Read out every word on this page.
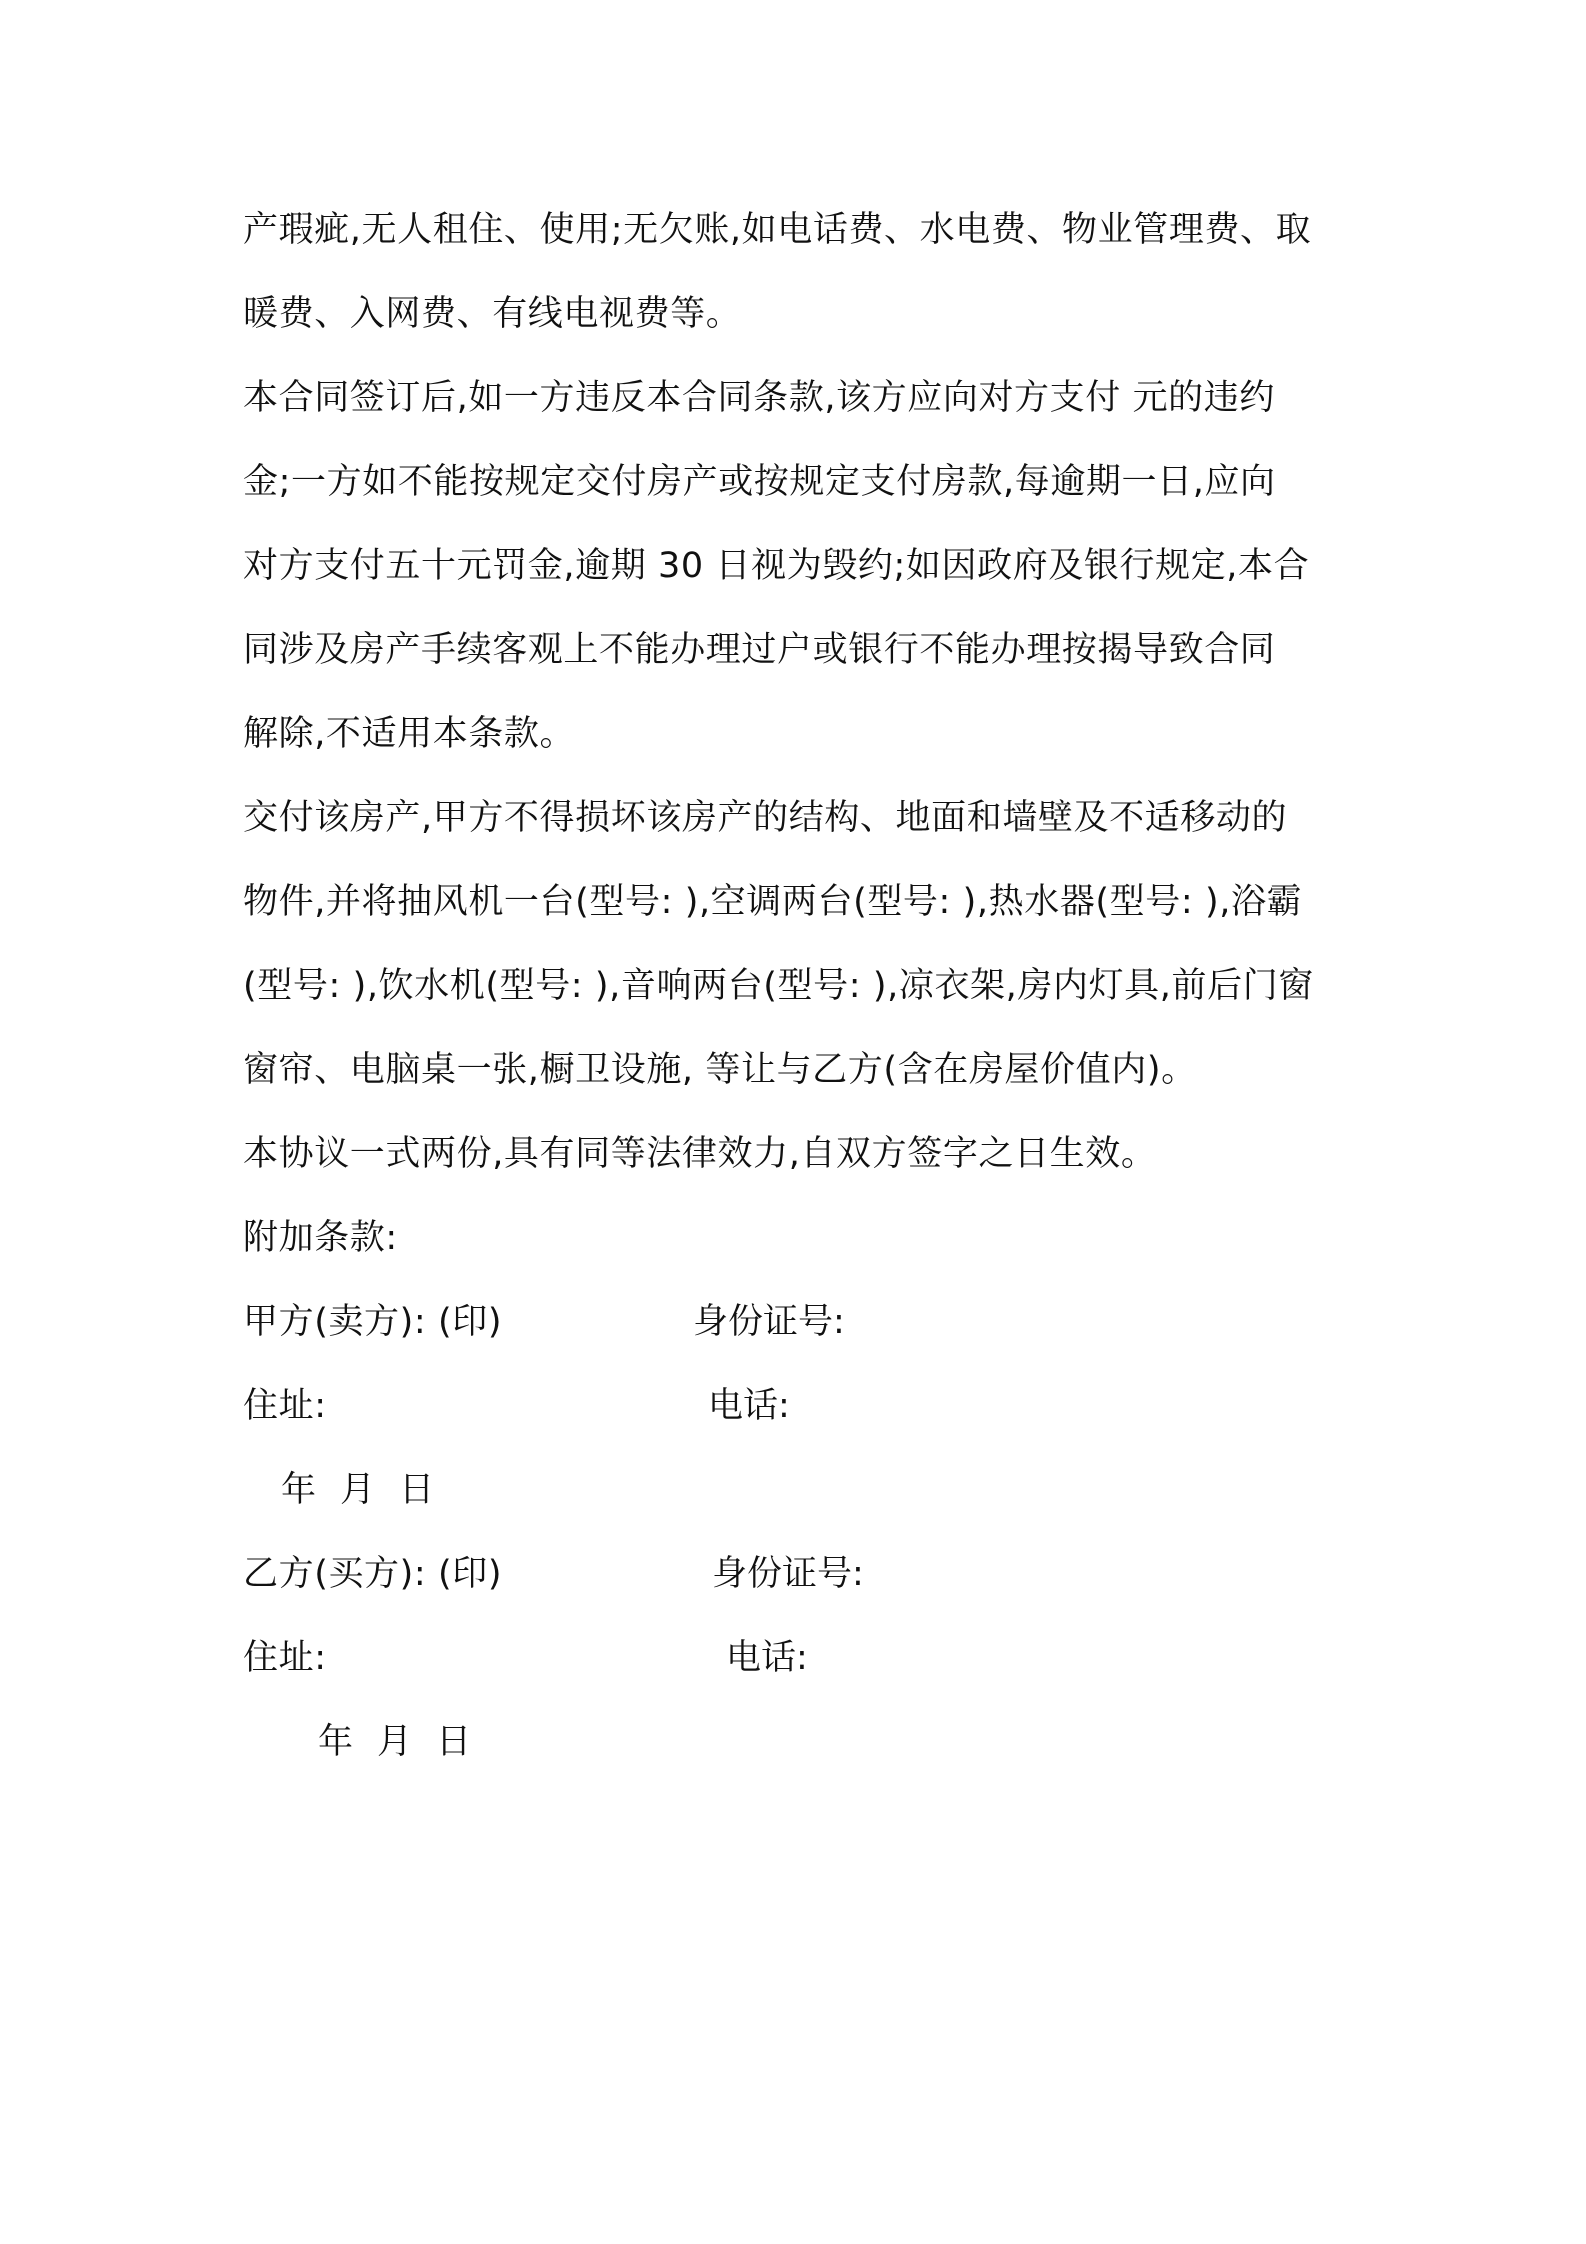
产瑕疵,无人租住、使用;无欠账,如电话费、水电费、物业管理费、取
暖费、入网费、有线电视费等。
本合同签订后,如一方违反本合同条款,该方应向对方支付 元的违约
金;一方如不能按规定交付房产或按规定支付房款,每逾期一日,应向
对方支付五十元罚金,逾期 30 日视为毁约;如因政府及银行规定,本合
同涉及房产手续客观上不能办理过户或银行不能办理按揭导致合同
解除,不适用本条款。
交付该房产,甲方不得损坏该房产的结构、地面和墙壁及不适移动的
物件,并将抽风机一台(型号: ),空调两台(型号: ),热水器(型号: ),浴霸
(型号: ),饮水机(型号: ),音响两台(型号: ),凉衣架,房内灯具,前后门窗
窗帘、电脑桌一张,橱卫设施, 等让与乙方(含在房屋价值内)。
本协议一式两份,具有同等法律效力,自双方签字之日生效。
附加条款:
甲方(卖方): (印)	身份证号:
住址:	电话:
年  月  日
乙方(买方): (印)	身份证号:
住址:	电话:
年  月  日
